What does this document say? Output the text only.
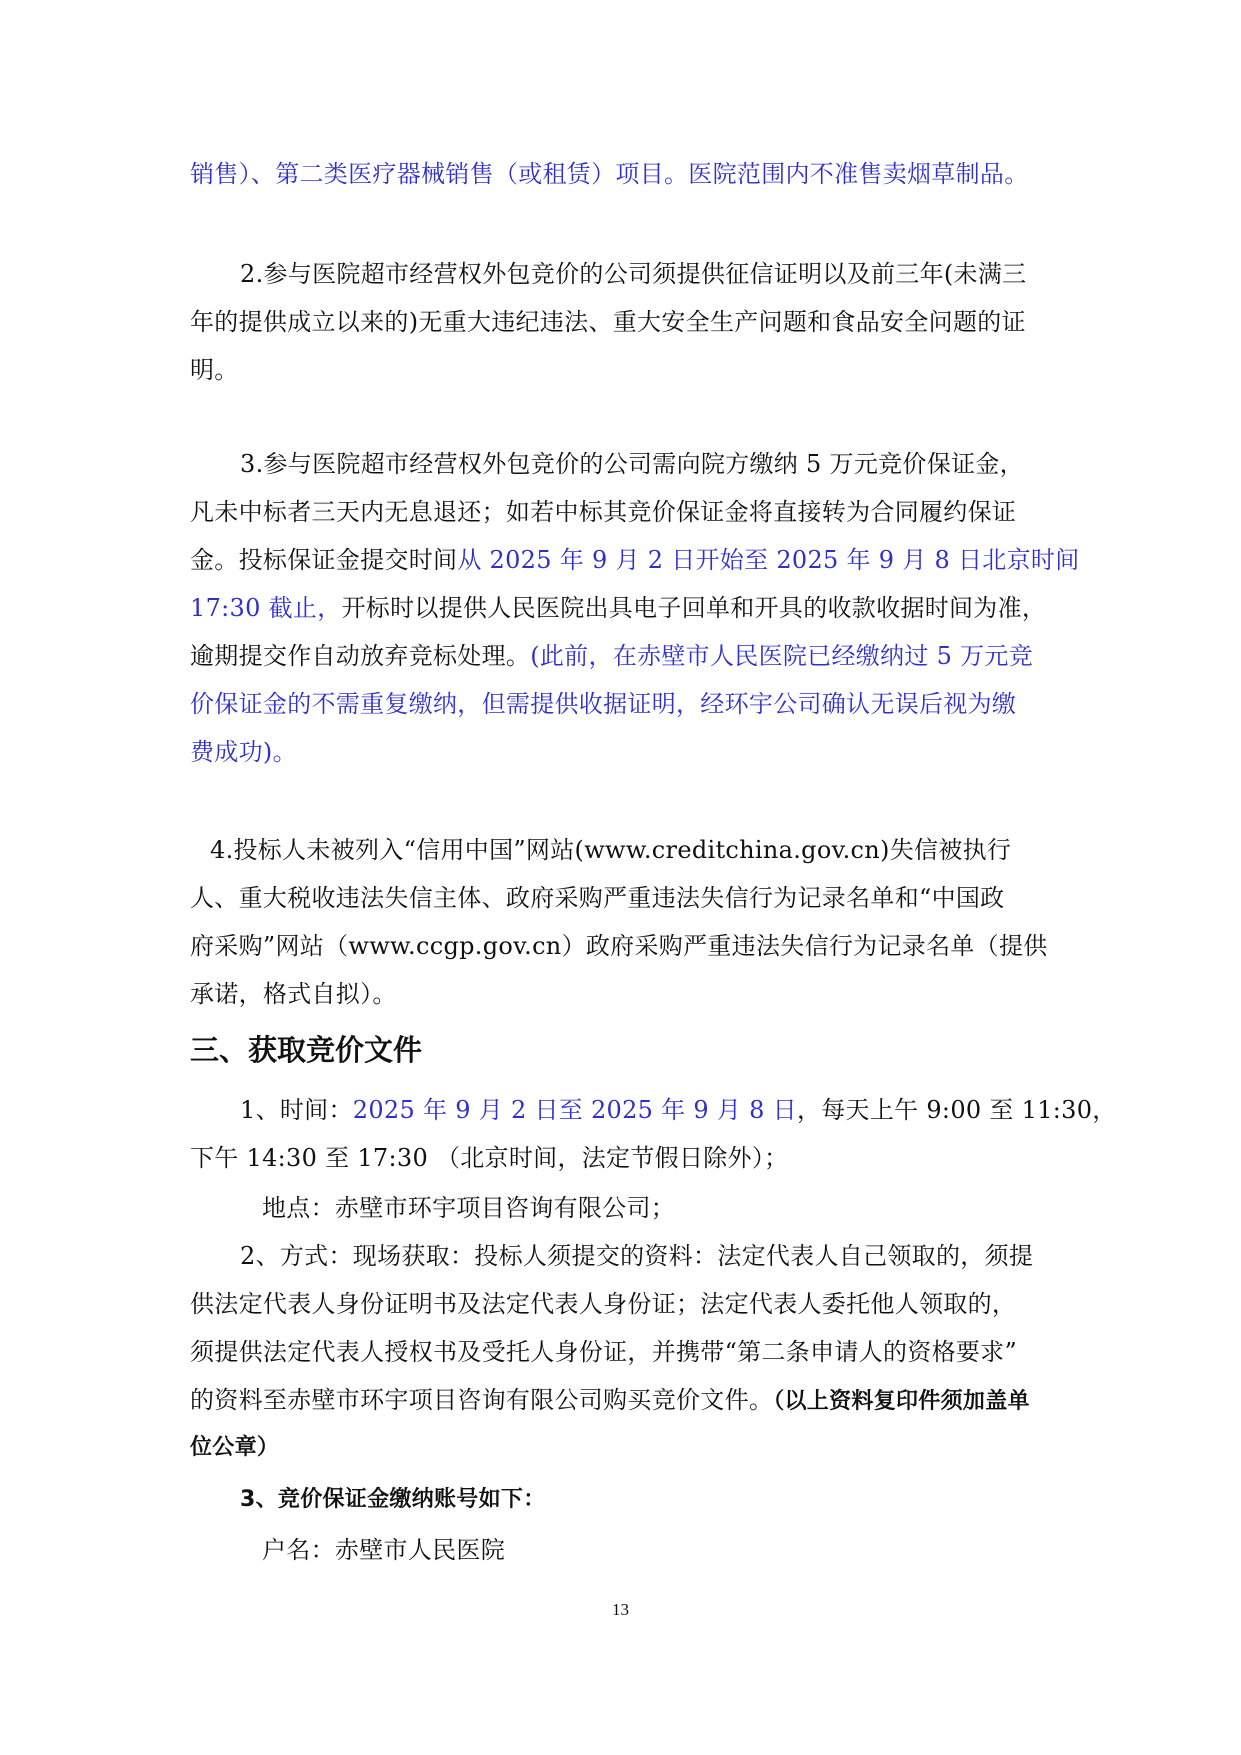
销售）、第二类医疗器械销售（或租赁）项目。医院范围内不准售卖烟草制品。
2.参与医院超市经营权外包竞价的公司须提供征信证明以及前三年(未满三
年的提供成立以来的)无重大违纪违法、重大安全生产问题和食品安全问题的证
明。
3.参与医院超市经营权外包竞价的公司需向院方缴纳 5 万元竞价保证金，
凡未中标者三天内无息退还；如若中标其竞价保证金将直接转为合同履约保证
金。投标保证金提交时间从 2025 年 9 月 2 日开始至 2025 年 9 月 8 日北京时间
17:30 截止，开标时以提供人民医院出具电子回单和开具的收款收据时间为准，
逾期提交作自动放弃竞标处理。(此前，在赤壁市人民医院已经缴纳过 5 万元竞
价保证金的不需重复缴纳，但需提供收据证明，经环宇公司确认无误后视为缴
费成功)。
4.投标人未被列入“信用中国”网站(www.creditchina.gov.cn)失信被执行
人、重大税收违法失信主体、政府采购严重违法失信行为记录名单和“中国政
府采购”网站（www.ccgp.gov.cn）政府采购严重违法失信行为记录名单（提供
承诺，格式自拟）。
三、获取竞价文件
1、时间：2025 年 9 月 2 日至 2025 年 9 月 8 日，每天上午 9:00 至 11:30，
下午 14:30 至 17:30 （北京时间，法定节假日除外）；
地点：赤壁市环宇项目咨询有限公司；
2、方式：现场获取：投标人须提交的资料：法定代表人自己领取的，须提
供法定代表人身份证明书及法定代表人身份证；法定代表人委托他人领取的，
须提供法定代表人授权书及受托人身份证，并携带“第二条申请人的资格要求”
的资料至赤壁市环宇项目咨询有限公司购买竞价文件。（以上资料复印件须加盖单
位公章）
3、竞价保证金缴纳账号如下：
户名：赤壁市人民医院
13
